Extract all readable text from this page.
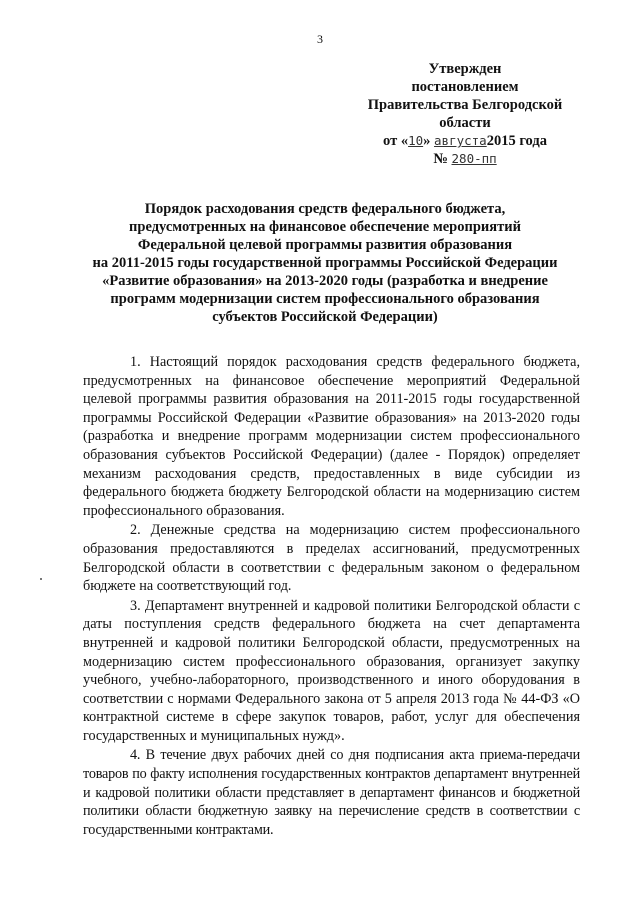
3
Утвержден
постановлением
Правительства Белгородской
области
от «10» августа2015 года
№ 280-пп
Порядок расходования средств федерального бюджета,
предусмотренных на финансовое обеспечение мероприятий
Федеральной целевой программы развития образования
на 2011-2015 годы государственной программы Российской Федерации
«Развитие образования» на 2013-2020 годы (разработка и внедрение
программ модернизации систем профессионального образования
субъектов Российской Федерации)

1. Настоящий порядок расходования средств федерального бюджета, предусмотренных на финансовое обеспечение мероприятий Федеральной целевой программы развития образования на 2011-2015 годы государственной программы Российской Федерации «Развитие образования» на 2013-2020 годы (разработка и внедрение программ модернизации систем профессионального образования субъектов Российской Федерации) (далее - Порядок) определяет механизм расходования средств, предоставленных в виде субсидии из федерального бюджета бюджету Белгородской области на модернизацию систем профессионального образования.

2. Денежные средства на модернизацию систем профессионального образования предоставляются в пределах ассигнований, предусмотренных Белгородской области в соответствии с федеральным законом о федеральном бюджете на соответствующий год.

3. Департамент внутренней и кадровой политики Белгородской области с даты поступления средств федерального бюджета на счет департамента внутренней и кадровой политики Белгородской области, предусмотренных на модернизацию систем профессионального образования, организует закупку учебного, учебно-лабораторного, производственного и иного оборудования в соответствии с нормами Федерального закона от 5 апреля 2013 года № 44-ФЗ «О контрактной системе в сфере закупок товаров, работ, услуг для обеспечения государственных и муниципальных нужд».

4. В течение двух рабочих дней со дня подписания акта приема-передачи товаров по факту исполнения государственных контрактов департамент внутренней и кадровой политики области представляет в департамент финансов и бюджетной политики области бюджетную заявку на перечисление средств в соответствии с государственными контрактами.
